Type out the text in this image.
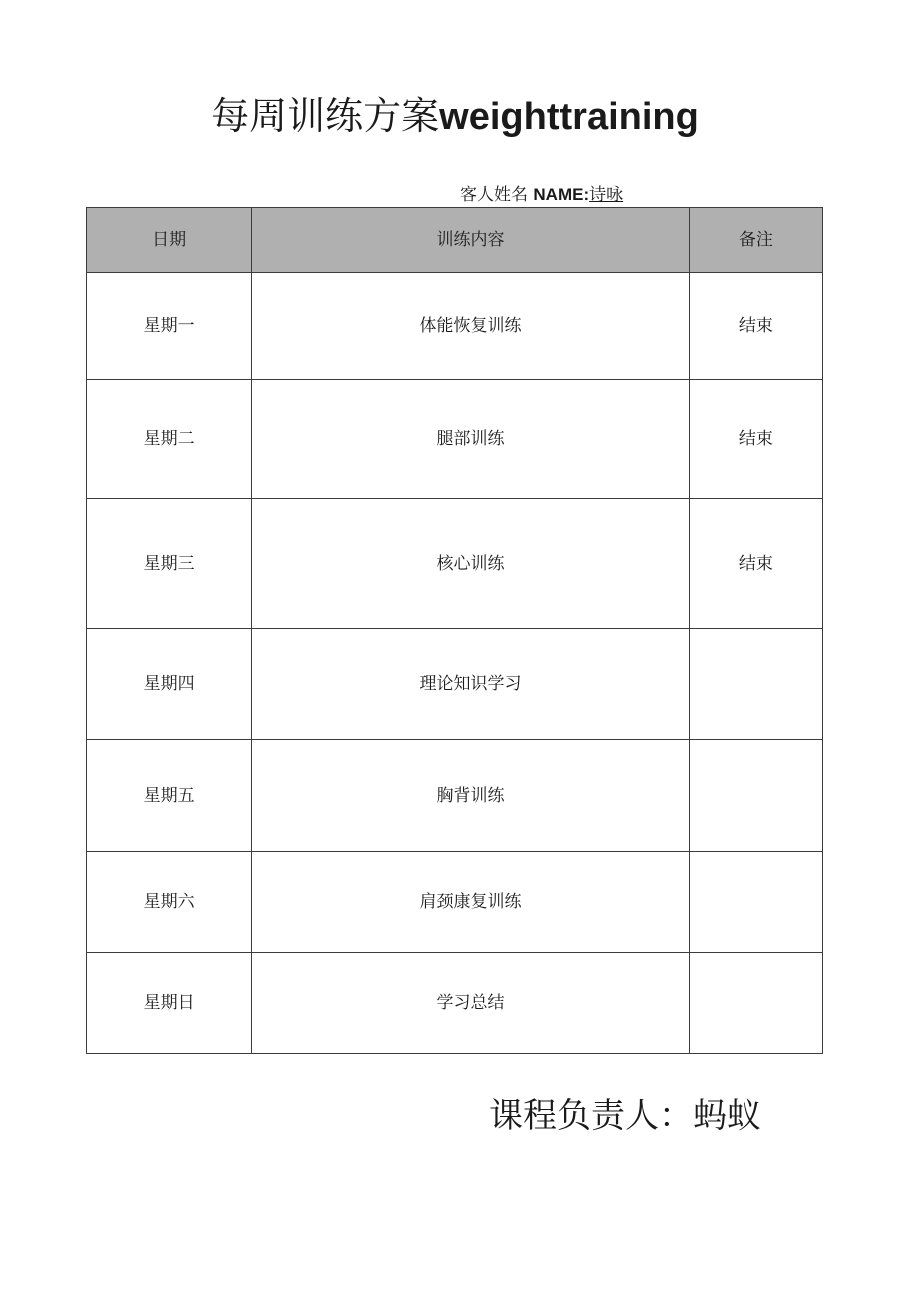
每周训练方案weighttraining
客人姓名 NAME:诗咏
日期	训练内容	备注
星期一	体能恢复训练	结束
星期二	腿部训练	结束
星期三	核心训练	结束
星期四	理论知识学习	
星期五	胸背训练	
星期六	肩颈康复训练	
星期日	学习总结	
课程负责人：蚂蚁
